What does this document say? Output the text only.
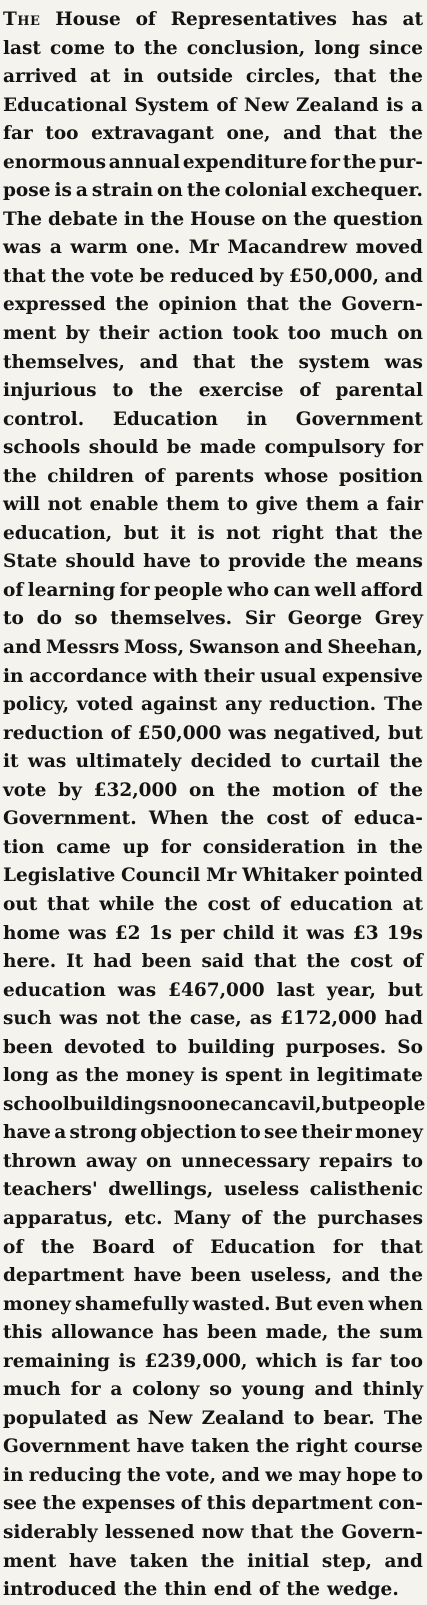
The House of Representatives has at
last come to the conclusion, long since
arrived at in outside circles, that the
Educational System of New Zealand is a
far too extravagant one, and that the
enormous annual expenditure for the pur-
pose is a strain on the colonial exchequer.
The debate in the House on the question
was a warm one. Mr Macandrew moved
that the vote be reduced by £50,000, and
expressed the opinion that the Govern-
ment by their action took too much on
themselves, and that the system was
injurious to the exercise of parental
control. Education in Government
schools should be made compulsory for
the children of parents whose position
will not enable them to give them a fair
education, but it is not right that the
State should have to provide the means
of learning for people who can well afford
to do so themselves. Sir George Grey
and Messrs Moss, Swanson and Sheehan,
in accordance with their usual expensive
policy, voted against any reduction. The
reduction of £50,000 was negatived, but
it was ultimately decided to curtail the
vote by £32,000 on the motion of the
Government. When the cost of educa-
tion came up for consideration in the
Legislative Council Mr Whitaker pointed
out that while the cost of education at
home was £2 1s per child it was £3 19s
here. It had been said that the cost of
education was £467,000 last year, but
such was not the case, as £172,000 had
been devoted to building purposes. So
long as the money is spent in legitimate
school buildings no one can cavil, but people
have a strong objection to see their money
thrown away on unnecessary repairs to
teachers' dwellings, useless calisthenic
apparatus, etc. Many of the purchases
of the Board of Education for that
department have been useless, and the
money shamefully wasted. But even when
this allowance has been made, the sum
remaining is £239,000, which is far too
much for a colony so young and thinly
populated as New Zealand to bear. The
Government have taken the right course
in reducing the vote, and we may hope to
see the expenses of this department con-
siderably lessened now that the Govern-
ment have taken the initial step, and
introduced the thin end of the wedge.
